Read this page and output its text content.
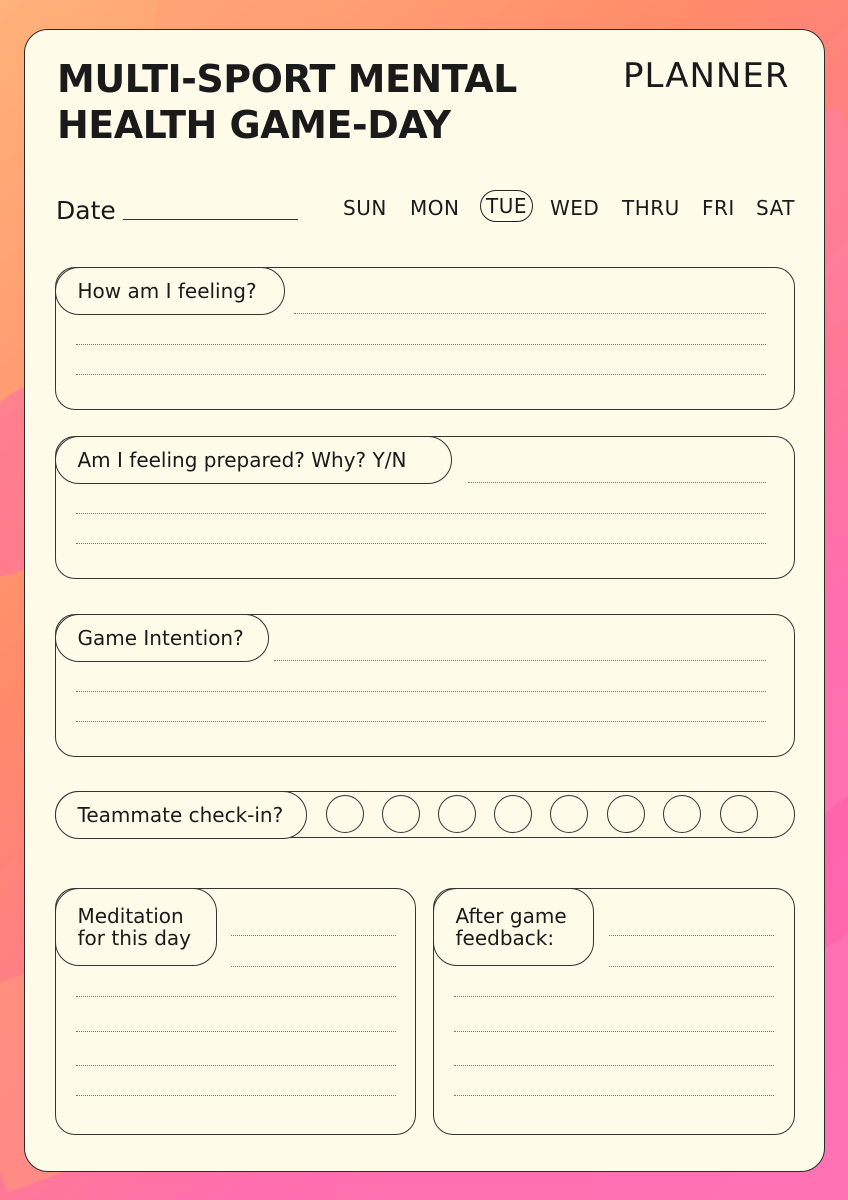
MULTI-SPORT MENTAL
HEALTH GAME-DAY
PLANNER
Date	SUN MON	TUE	WED THRU FRI SAT
How am I feeling?
Am I feeling prepared? Why? Y/N
Game Intention?
Teammate check-in?
Meditation
for this day
After game
feedback:
